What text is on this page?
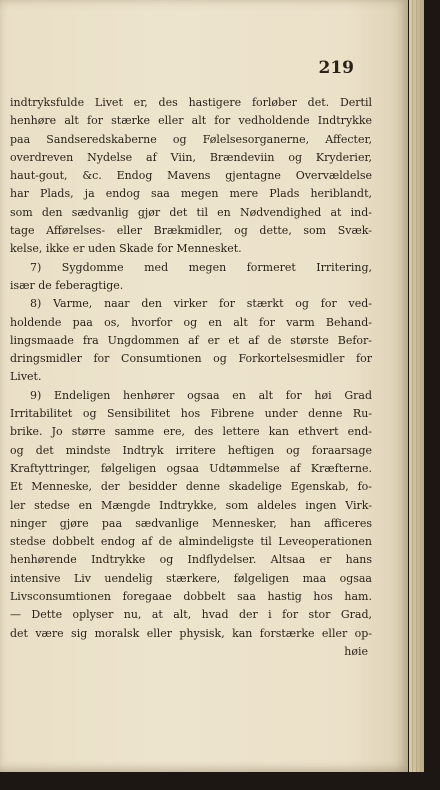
219
indtryksfulde Livet er, des hastigere forløber det. Dertil
henhøre alt for stærke eller alt for vedholdende Indtrykke
paa Sandseredskaberne og Følelsesorganerne, Affecter,
overdreven Nydelse af Viin, Brændeviin og Kryderier,
haut-gout, &c. Endog Mavens gjentagne Overvældelse
har Plads, ja endog saa megen mere Plads heriblandt,
som den sædvanlig gjør det til en Nødvendighed at ind-
tage Afførelses- eller Brækmidler, og dette, som Svæk-
kelse, ikke er uden Skade for Mennesket.
7) Sygdomme med megen formeret Irritering,
især de feberagtige.
8) Varme, naar den virker for stærkt og for ved-
holdende paa os, hvorfor og en alt for varm Behand-
lingsmaade fra Ungdommen af er et af de største Befor-
dringsmidler for Consumtionen og Forkortelsesmidler for
Livet.
9) Endeligen henhører ogsaa en alt for høi Grad
Irritabilitet og Sensibilitet hos Fibrene under denne Ru-
brike. Jo større samme ere, des lettere kan ethvert end-
og det mindste Indtryk irritere heftigen og foraarsage
Kraftyttringer, følgeligen ogsaa Udtømmelse af Kræfterne.
Et Menneske, der besidder denne skadelige Egenskab, fo-
ler stedse en Mængde Indtrykke, som aldeles ingen Virk-
ninger gjøre paa sædvanlige Mennesker, han afficeres
stedse dobbelt endog af de almindeligste til Leveoperationen
henhørende Indtrykke og Indflydelser. Altsaa er hans
intensive Liv uendelig stærkere, følgeligen maa ogsaa
Livsconsumtionen foregaae dobbelt saa hastig hos ham.
— Dette oplyser nu, at alt, hvad der i for stor Grad,
det være sig moralsk eller physisk, kan forstærke eller op-
høie
